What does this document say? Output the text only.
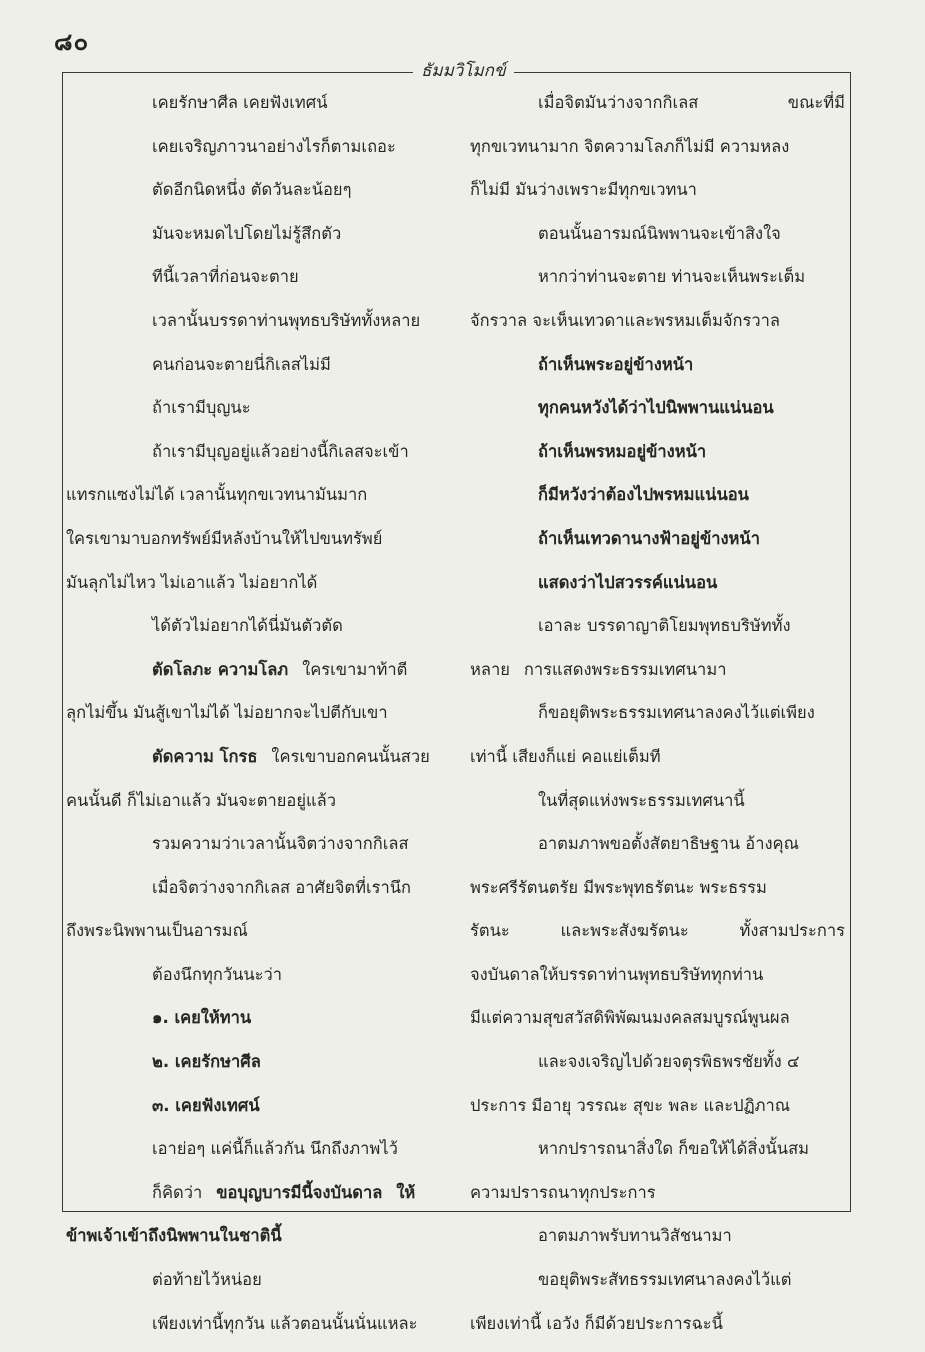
๘๐
ธัมมวิโมกข์
เคยรักษาศีล เคยฟังเทศน์
เคยเจริญภาวนาอย่างไรก็ตามเถอะ
ตัดอีกนิดหนึ่ง ตัดวันละน้อยๆ
มันจะหมดไปโดยไม่รู้สึกตัว
ทีนี้เวลาที่ก่อนจะตาย
เวลานั้นบรรดาท่านพุทธบริษัททั้งหลาย
คนก่อนจะตายนี่กิเลสไม่มี
ถ้าเรามีบุญนะ
ถ้าเรามีบุญอยู่แล้วอย่างนี้กิเลสจะเข้า
แทรกแซงไม่ได้ เวลานั้นทุกขเวทนามันมาก
ใครเขามาบอกทรัพย์มีหลังบ้านให้ไปขนทรัพย์
มันลุกไม่ไหว ไม่เอาแล้ว ไม่อยากได้
ได้ตัวไม่อยากได้นี่มันตัวตัด
ตัดโลภะ ความโลภ ใครเขามาท้าตี
ลุกไม่ขึ้น มันสู้เขาไม่ได้ ไม่อยากจะไปตีกับเขา
ตัดความ โกรธ ใครเขาบอกคนนั้นสวย
คนนั้นดี ก็ไม่เอาแล้ว มันจะตายอยู่แล้ว
รวมความว่าเวลานั้นจิตว่างจากกิเลส
เมื่อจิตว่างจากกิเลส อาศัยจิตที่เรานึก
ถึงพระนิพพานเป็นอารมณ์
ต้องนึกทุกวันนะว่า
๑. เคยให้ทาน
๒. เคยรักษาศีล
๓. เคยฟังเทศน์
เอาย่อๆ แค่นี้ก็แล้วกัน นึกถึงภาพไว้
ก็คิดว่า ขอบุญบารมีนี้จงบันดาล ให้
ข้าพเจ้าเข้าถึงนิพพานในชาตินี้
ต่อท้ายไว้หน่อย
เพียงเท่านี้ทุกวัน แล้วตอนนั้นนั่นแหละ
เมื่อจิตมันว่างจากกิเลส	ขณะที่มี
ทุกขเวทนามาก จิตความโลภก็ไม่มี ความหลง
ก็ไม่มี มันว่างเพราะมีทุกขเวทนา
ตอนนั้นอารมณ์นิพพานจะเข้าสิงใจ
หากว่าท่านจะตาย ท่านจะเห็นพระเต็ม
จักรวาล จะเห็นเทวดาและพรหมเต็มจักรวาล
ถ้าเห็นพระอยู่ข้างหน้า
ทุกคนหวังได้ว่าไปนิพพานแน่นอน
ถ้าเห็นพรหมอยู่ข้างหน้า
ก็มีหวังว่าต้องไปพรหมแน่นอน
ถ้าเห็นเทวดานางฟ้าอยู่ข้างหน้า
แสดงว่าไปสวรรค์แน่นอน
เอาละ บรรดาญาติโยมพุทธบริษัททั้ง
หลาย การแสดงพระธรรมเทศนามา
ก็ขอยุติพระธรรมเทศนาลงคงไว้แต่เพียง
เท่านี้ เสียงก็แย่ คอแย่เต็มที
ในที่สุดแห่งพระธรรมเทศนานี้
อาตมภาพขอตั้งสัตยาธิษฐาน อ้างคุณ
พระศรีรัตนตรัย มีพระพุทธรัตนะ พระธรรม
รัตนะ	และพระสังฆรัตนะ	ทั้งสามประการ
จงบันดาลให้บรรดาท่านพุทธบริษัททุกท่าน
มีแต่ความสุขสวัสดิพิพัฒนมงคลสมบูรณ์พูนผล
และจงเจริญไปด้วยจตุรพิธพรชัยทั้ง ๔
ประการ มีอายุ วรรณะ สุขะ พละ และปฏิภาณ
หากปรารถนาสิ่งใด ก็ขอให้ได้สิ่งนั้นสม
ความปรารถนาทุกประการ
อาตมภาพรับทานวิสัชนามา
ขอยุติพระสัทธรรมเทศนาลงคงไว้แต่
เพียงเท่านี้ เอวัง ก็มีด้วยประการฉะนี้
